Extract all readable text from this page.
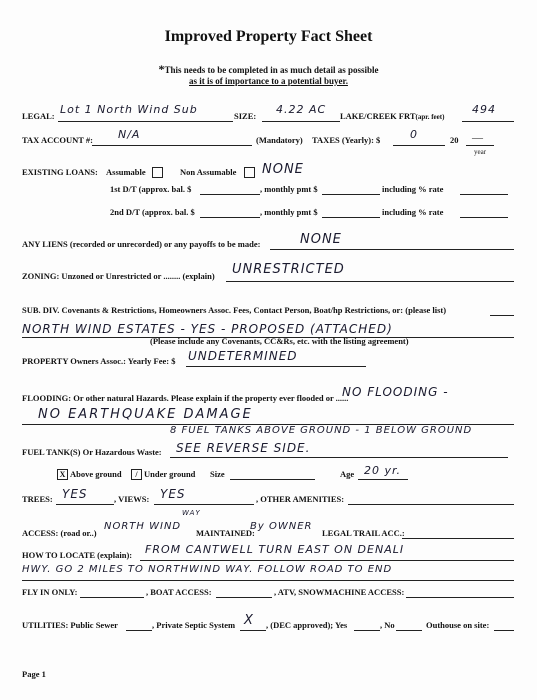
Improved Property Fact Sheet
*This needs to be completed in as much detail as possible
as it is of importance to a potential buyer.
LEGAL: Lot 1 North Wind Sub	SIZE: 4.22 AC LAKE/CREEK FRT(apr. feet)
494
TAX ACCOUNT #: N/A	(Mandatory) TAXES (Yearly): $	0	20 —
year
EXISTING LOANS: Assumable	Non Assumable NONE
1st D/T (approx. bal. $	, monthly pmt $	including % rate
2nd D/T (approx. bal. $	, monthly pmt $	including % rate
ANY LIENS (recorded or unrecorded) or any payoffs to be made:	NONE
ZONING: Unzoned or Unrestricted or ........ (explain) UNRESTRICTED
SUB. DIV. Covenants & Restrictions, Homeowners Assoc. Fees, Contact Person, Boat/hp Restrictions, or: (please list)
NORTH WIND ESTATES - YES - PROPOSED (ATTACHED)
(Please include any Covenants, CC&Rs, etc. with the listing agreement)
PROPERTY Owners Assoc.: Yearly Fee: $ UNDETERMINED
FLOODING: Or other natural Hazards. Please explain if the property ever flooded or ......
NO FLOODING -
NO EARTHQUAKE DAMAGE
8 FUEL TANKS ABOVE GROUND - 1 BELOW GROUND
FUEL TANK(S) Or Hazardous Waste: SEE REVERSE SIDE.
X Above ground	/ Under ground Size	Age 20 yr.
TREES: YES	, VIEWS: YES	, OTHER AMENITIES:
ACCESS: (road or..)
NORTH WIND
WAY
MAINTAINED:
By OWNER
LEGAL TRAIL ACC.:
HOW TO LOCATE (explain): FROM CANTWELL TURN EAST ON DENALI
HWY. GO 2 MILES TO NORTHWIND WAY. FOLLOW ROAD TO END
FLY IN ONLY:	, BOAT ACCESS:	, ATV, SNOWMACHINE ACCESS:
UTILITIES: Public Sewer	, Private Septic System X , (DEC approved); Yes	, No	Outhouse on site:
Page 1
